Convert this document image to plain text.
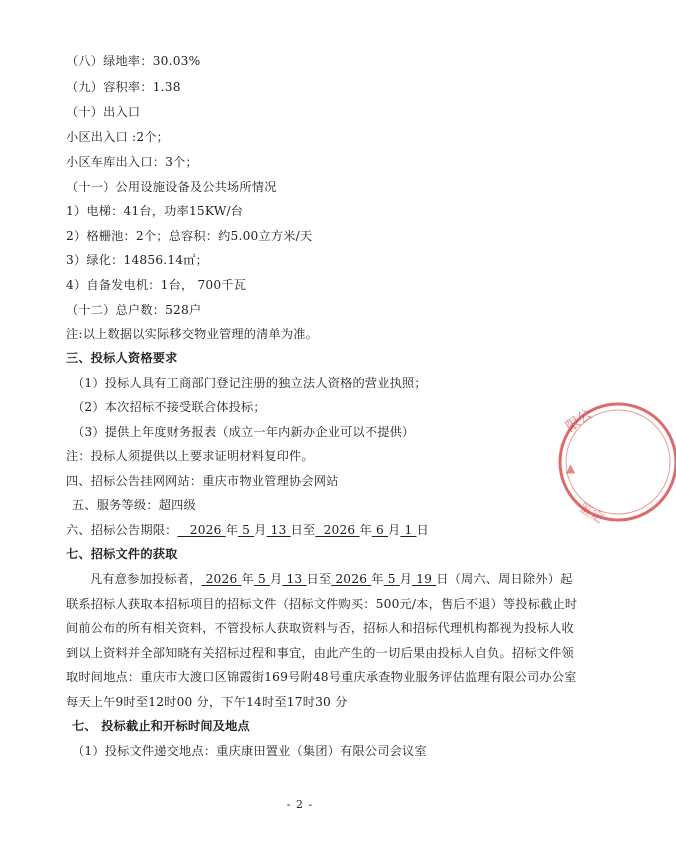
（八）绿地率：30.03%
（九）容积率：1.38
（十）出入口
小区出入口 :2个；
小区车库出入口：3个；
（十一）公用设施设备及公共场所情况
1）电梯：41台，功率15KW/台
2）格栅池：2个；总容积：约5.00立方米/天
3）绿化：14856.14㎡；
4）自备发电机：1台， 700千瓦
（十二）总户数：528户
注:以上数据以实际移交物业管理的清单为准。
三、投标人资格要求
（1）投标人具有工商部门登记注册的独立法人资格的营业执照；
（2）本次招标不接受联合体投标；
（3）提供上年度财务报表（成立一年内新办企业可以不提供）
注：投标人须提供以上要求证明材料复印件。
四、招标公告挂网网站：重庆市物业管理协会网站
五、服务等级：超四级
六、招标公告期限： 2026 年 5 月 13 日至 2026 年 6 月 1 日
七、招标文件的获取
凡有意参加投标者， 2026 年 5 月 13 日至 2026 年 5 月 19 日（周六、周日除外）起
联系招标人获取本招标项目的招标文件（招标文件购买：500元/本，售后不退）等投标截止时
间前公布的所有相关资料，不管投标人获取资料与否，招标人和招标代理机构都视为投标人收
到以上资料并全部知晓有关招标过程和事宜，由此产生的一切后果由投标人自负。招标文件领
取时间地点：重庆市大渡口区锦霞街169号附48号重庆承查物业服务评估监理有限公司办公室
每天上午9时至12时00 分，下午14时至17时30 分
七、 投标截止和开标时间及地点
（1）投标文件递交地点：重庆康田置业（集团）有限公司会议室
- 2 -
限公
▲
鉴定
